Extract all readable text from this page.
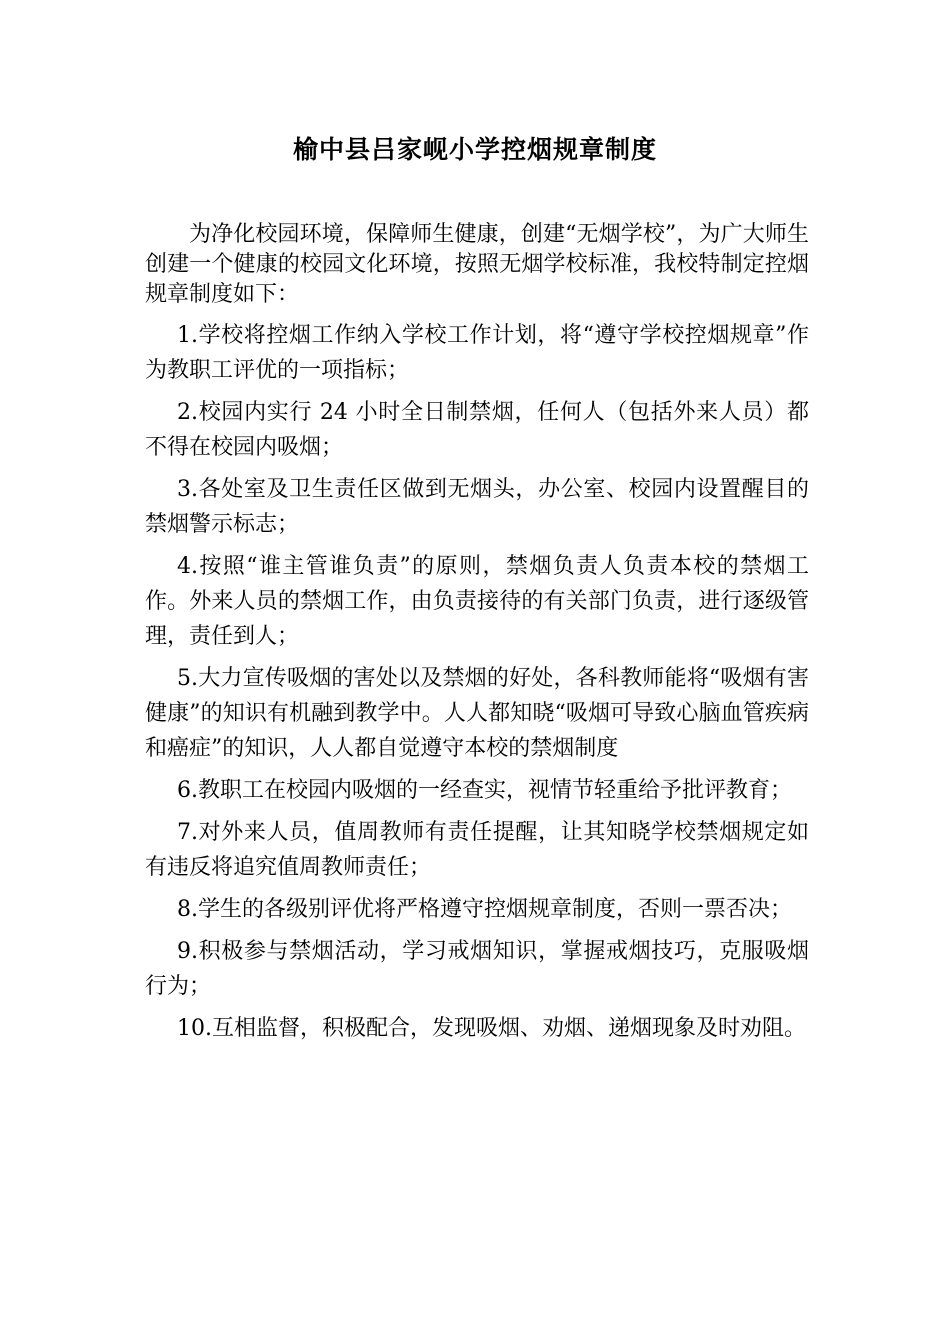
榆中县吕家岘小学控烟规章制度

为净化校园环境，保障师生健康，创建“无烟学校”，为广大师生创建一个健康的校园文化环境，按照无烟学校标准，我校特制定控烟规章制度如下：

1.学校将控烟工作纳入学校工作计划，将“遵守学校控烟规章”作为教职工评优的一项指标；

2.校园内实行 24 小时全日制禁烟，任何人（包括外来人员）都不得在校园内吸烟；

3.各处室及卫生责任区做到无烟头，办公室、校园内设置醒目的禁烟警示标志；

4.按照“谁主管谁负责”的原则，禁烟负责人负责本校的禁烟工作。外来人员的禁烟工作，由负责接待的有关部门负责，进行逐级管理，责任到人；

5.大力宣传吸烟的害处以及禁烟的好处，各科教师能将“吸烟有害健康”的知识有机融到教学中。人人都知晓“吸烟可导致心脑血管疾病和癌症”的知识，人人都自觉遵守本校的禁烟制度

6.教职工在校园内吸烟的一经查实，视情节轻重给予批评教育；

7.对外来人员，值周教师有责任提醒，让其知晓学校禁烟规定如有违反将追究值周教师责任；

8.学生的各级别评优将严格遵守控烟规章制度，否则一票否决；

9.积极参与禁烟活动，学习戒烟知识，掌握戒烟技巧，克服吸烟行为；

10.互相监督，积极配合，发现吸烟、劝烟、递烟现象及时劝阻。
